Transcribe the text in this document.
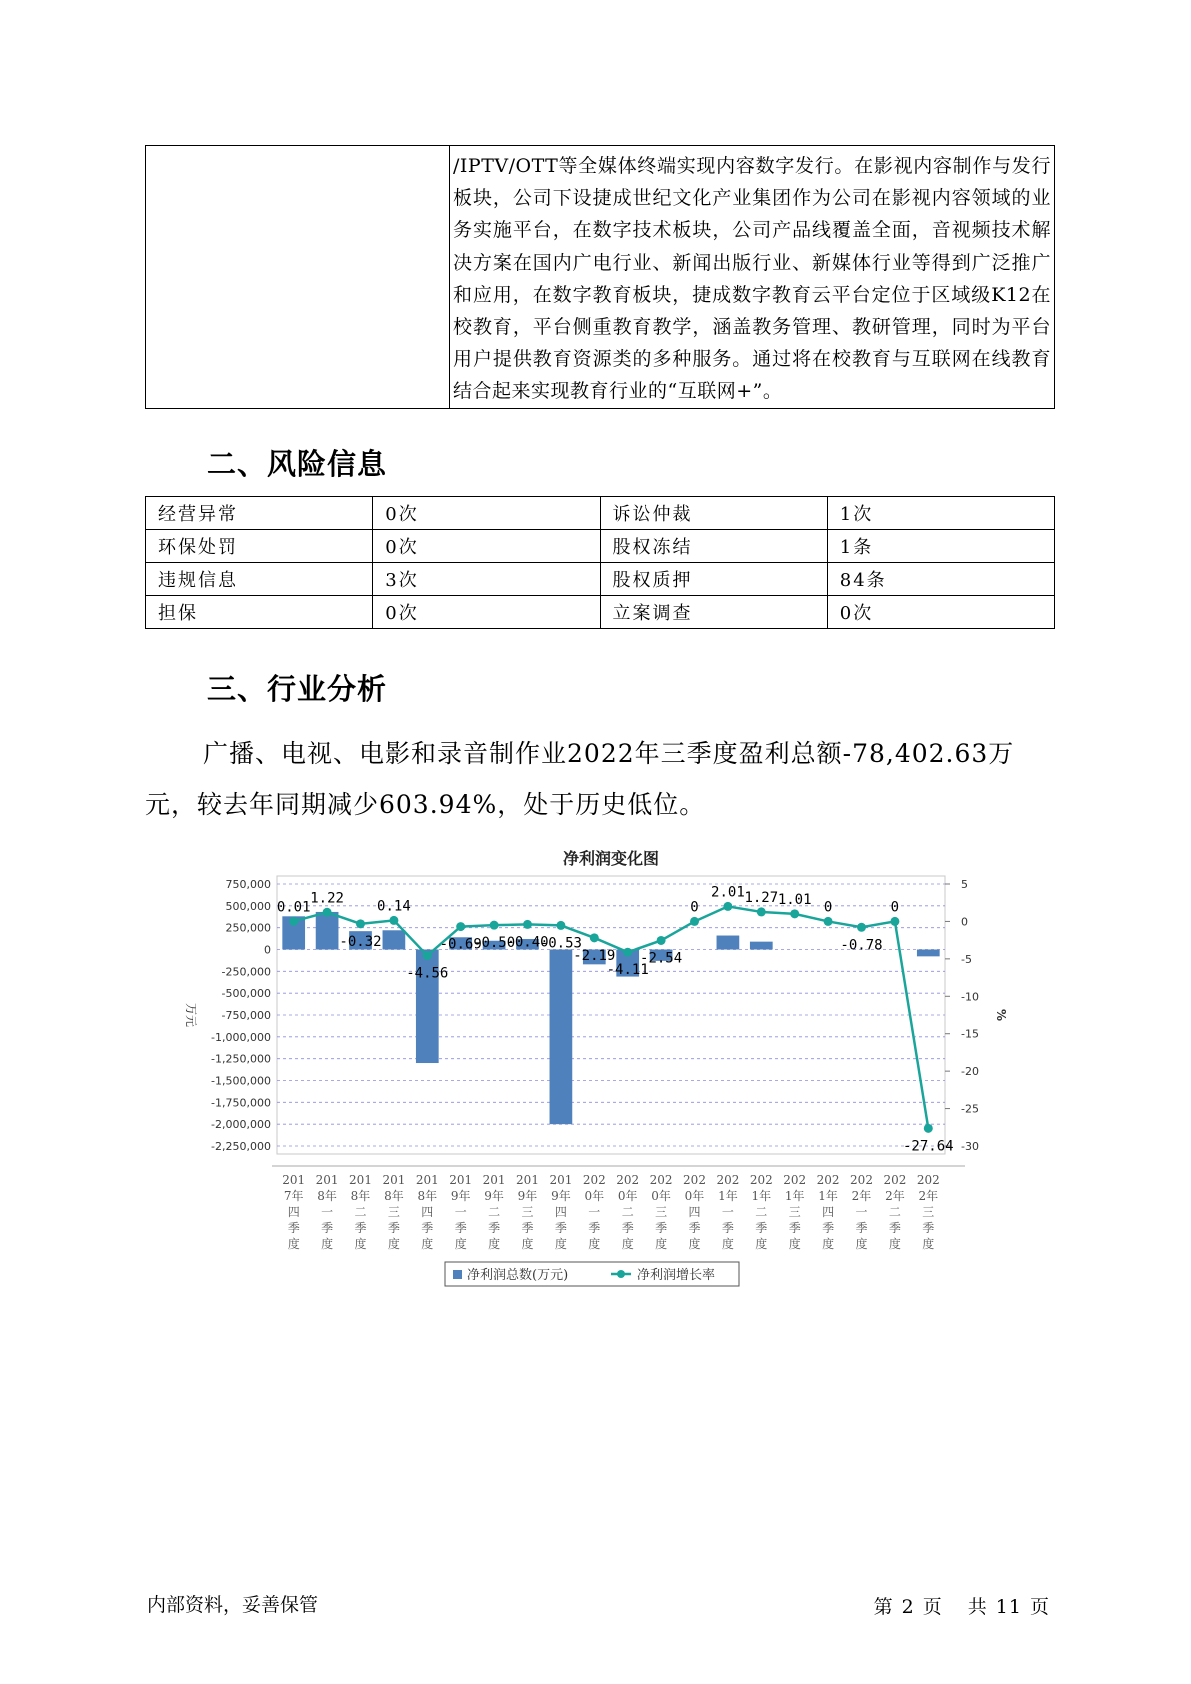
	/IPTV/OTT等全媒体终端实现内容数字发行。在影视内容制作与发行板块，公司下设捷成世纪文化产业集团作为公司在影视内容领域的业务实施平台，在数字技术板块，公司产品线覆盖全面，音视频技术解决方案在国内广电行业、新闻出版行业、新媒体行业等得到广泛推广和应用，在数字教育板块，捷成数字教育云平台定位于区域级K12在校教育，平台侧重教育教学，涵盖教务管理、教研管理，同时为平台用户提供教育资源类的多种服务。通过将在校教育与互联网在线教育结合起来实现教育行业的“互联网+”。
二、风险信息
经营异常	0次	诉讼仲裁	1次
环保处罚	0次	股权冻结	1条
违规信息	3次	股权质押	84条
担保	0次	立案调查	0次
三、行业分析

广播、电视、电影和录音制作业2022年三季度盈利总额-78,402.63万元，较去年同期减少603.94%，处于历史低位。

净利润变化图
750,000
500,000
250,000
0
-250,000
-500,000
-750,000
-1,000,000
-1,250,000
-1,500,000
-1,750,000
-2,000,000
-2,250,000
5
0
-5
-10
-15
-20
-25
-30
万元	%
0.01
1.22
-0.32
0.14
-4.56
-0.69
-0.50
-0.40
-0.53
-2.19
-4.11
-2.54
0
2.01 1.27 1.01 0
-0.78
0
-27.64
201
7年
四
季
度
201
8年
一
季
度
201
8年
二
季
度
201
8年
三
季
度
201
8年
四
季
度
201
9年
一
季
度
201
9年
二
季
度
201
9年
三
季
度
201
9年
四
季
度
202
0年
一
季
度
202
0年
二
季
度
202
0年
三
季
度
202
0年
四
季
度
202
1年
一
季
度
202
1年
二
季
度
202
1年
三
季
度
202
1年
四
季
度
202
2年
一
季
度
202
2年
二
季
度
202
2年
三
季
度
净利润总数(万元)	净利润增长率
内部资料，妥善保管	第 2 页 共 11 页
